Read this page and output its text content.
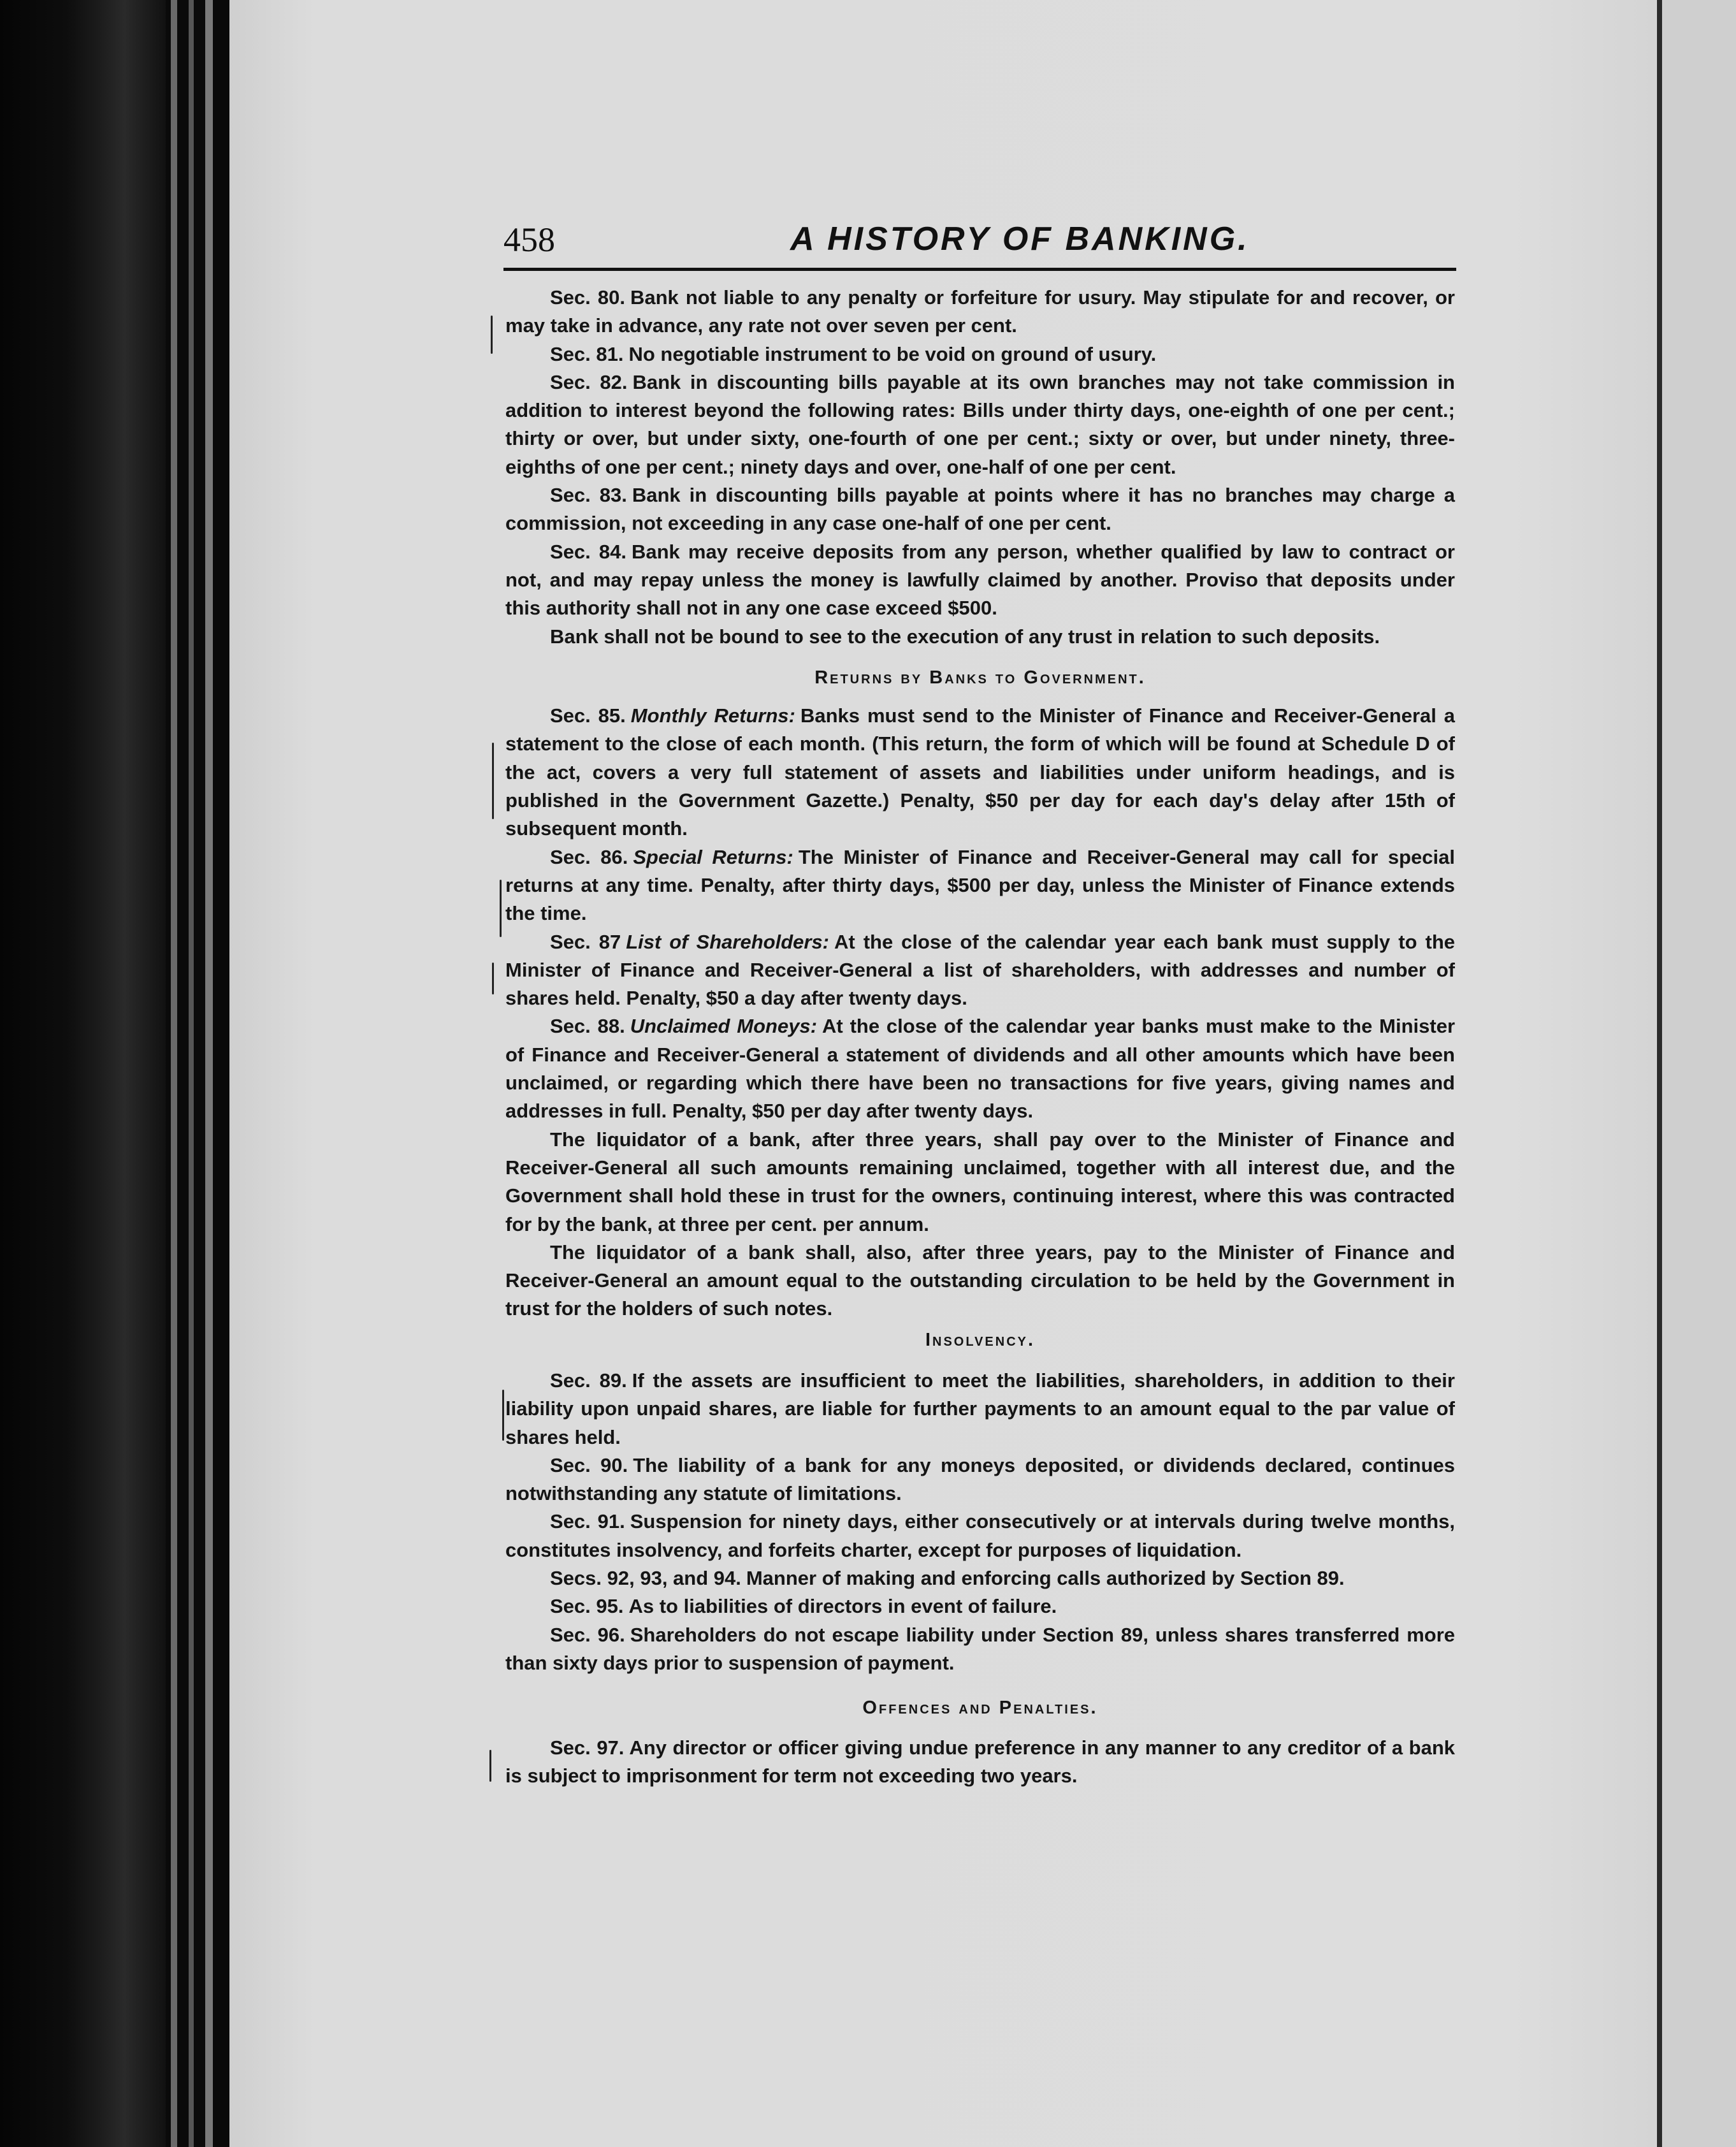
458	A HISTORY OF BANKING.

Sec. 80. Bank not liable to any penalty or forfeiture for usury. May stipulate for and recover, or may take in advance, any rate not over seven per cent.

Sec. 81. No negotiable instrument to be void on ground of usury.

Sec. 82. Bank in discounting bills payable at its own branches may not take commission in addition to interest beyond the following rates: Bills under thirty days, one-eighth of one per cent.; thirty or over, but under sixty, one-fourth of one per cent.; sixty or over, but under ninety, three-eighths of one per cent.; ninety days and over, one-half of one per cent.

Sec. 83. Bank in discounting bills payable at points where it has no branches may charge a commission, not exceeding in any case one-half of one per cent.

Sec. 84. Bank may receive deposits from any person, whether qualified by law to contract or not, and may repay unless the money is lawfully claimed by another. Proviso that deposits under this authority shall not in any one case exceed $500.

Bank shall not be bound to see to the execution of any trust in relation to such deposits.

Returns by Banks to Government.

Sec. 85. Monthly Returns: Banks must send to the Minister of Finance and Receiver-General a statement to the close of each month. (This return, the form of which will be found at Schedule D of the act, covers a very full statement of assets and liabilities under uniform headings, and is published in the Government Gazette.) Penalty, $50 per day for each day's delay after 15th of subsequent month.

Sec. 86. Special Returns: The Minister of Finance and Receiver-General may call for special returns at any time. Penalty, after thirty days, $500 per day, unless the Minister of Finance extends the time.

Sec. 87 List of Shareholders: At the close of the calendar year each bank must supply to the Minister of Finance and Receiver-General a list of shareholders, with addresses and number of shares held. Penalty, $50 a day after twenty days.

Sec. 88. Unclaimed Moneys: At the close of the calendar year banks must make to the Minister of Finance and Receiver-General a statement of dividends and all other amounts which have been unclaimed, or regarding which there have been no transactions for five years, giving names and addresses in full. Penalty, $50 per day after twenty days.

The liquidator of a bank, after three years, shall pay over to the Minister of Finance and Receiver-General all such amounts remaining unclaimed, together with all interest due, and the Government shall hold these in trust for the owners, continuing interest, where this was contracted for by the bank, at three per cent. per annum.

The liquidator of a bank shall, also, after three years, pay to the Minister of Finance and Receiver-General an amount equal to the outstanding circulation to be held by the Government in trust for the holders of such notes.

Insolvency.

Sec. 89. If the assets are insufficient to meet the liabilities, shareholders, in addition to their liability upon unpaid shares, are liable for further payments to an amount equal to the par value of shares held.

Sec. 90. The liability of a bank for any moneys deposited, or dividends declared, continues notwithstanding any statute of limitations.

Sec. 91. Suspension for ninety days, either consecutively or at intervals during twelve months, constitutes insolvency, and forfeits charter, except for purposes of liquidation.

Secs. 92, 93, and 94. Manner of making and enforcing calls authorized by Section 89.

Sec. 95. As to liabilities of directors in event of failure.

Sec. 96. Shareholders do not escape liability under Section 89, unless shares transferred more than sixty days prior to suspension of payment.

Offences and Penalties.

Sec. 97. Any director or officer giving undue preference in any manner to any creditor of a bank is subject to imprisonment for term not exceeding two years.
